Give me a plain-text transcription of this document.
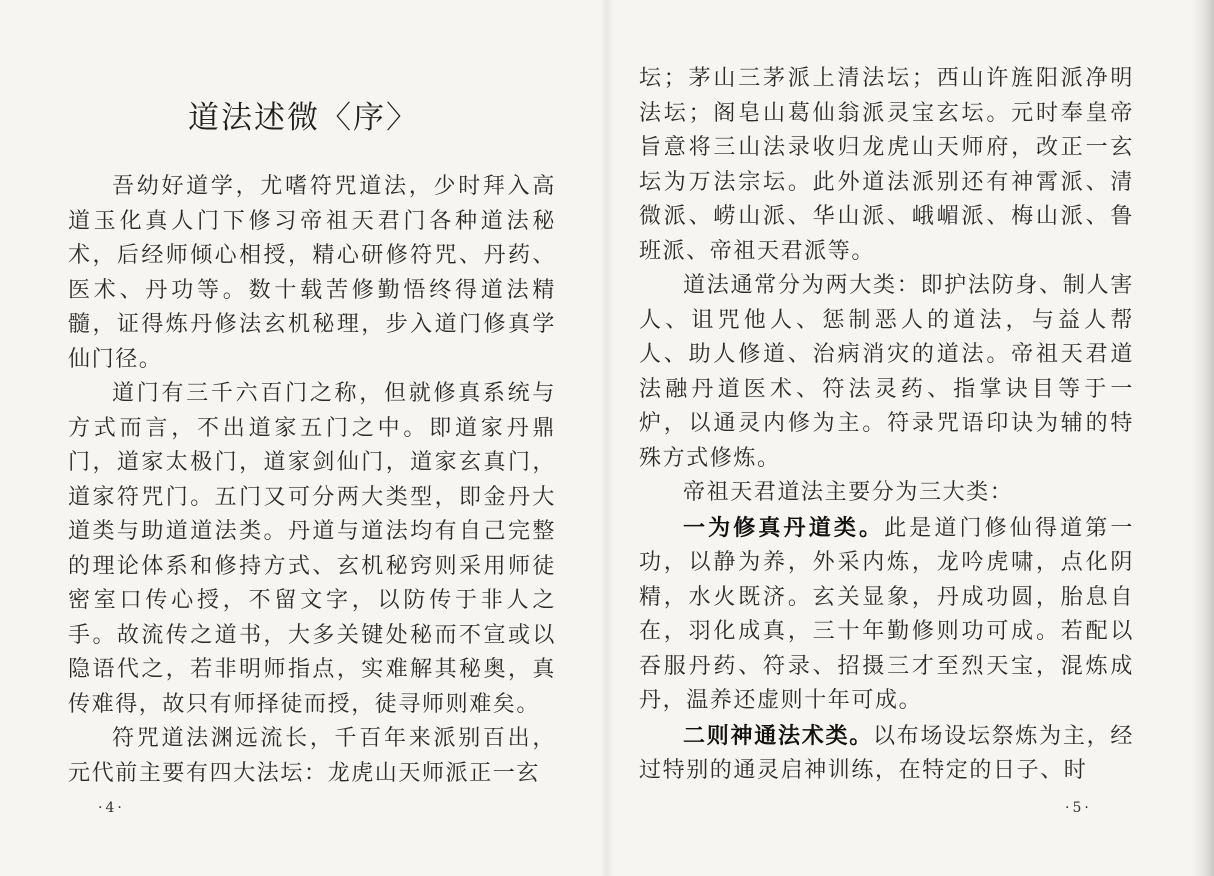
道法述微〈序〉

吾幼好道学，尤嗜符咒道法，少时拜入高道玉化真人门下修习帝祖天君门各种道法秘术，后经师倾心相授，精心研修符咒、丹药、医术、丹功等。数十载苦修勤悟终得道法精髓，证得炼丹修法玄机秘理，步入道门修真学仙门径。

道门有三千六百门之称，但就修真系统与方式而言，不出道家五门之中。即道家丹鼎门，道家太极门，道家剑仙门，道家玄真门，道家符咒门。五门又可分两大类型，即金丹大道类与助道道法类。丹道与道法均有自己完整的理论体系和修持方式、玄机秘窍则采用师徒密室口传心授，不留文字，以防传于非人之手。故流传之道书，大多关键处秘而不宣或以隐语代之，若非明师指点，实难解其秘奥，真传难得，故只有师择徒而授，徒寻师则难矣。

符咒道法渊远流长，千百年来派别百出，元代前主要有四大法坛：龙虎山天师派正一玄

·4·

坛；茅山三茅派上清法坛；西山许旌阳派净明法坛；阁皂山葛仙翁派灵宝玄坛。元时奉皇帝旨意将三山法录收归龙虎山天师府，改正一玄坛为万法宗坛。此外道法派别还有神霄派、清微派、崂山派、华山派、峨嵋派、梅山派、鲁班派、帝祖天君派等。

道法通常分为两大类：即护法防身、制人害人、诅咒他人、惩制恶人的道法，与益人帮人、助人修道、治病消灾的道法。帝祖天君道法融丹道医术、符法灵药、指掌诀目等于一炉，以通灵内修为主。符录咒语印诀为辅的特殊方式修炼。

帝祖天君道法主要分为三大类：

一为修真丹道类。此是道门修仙得道第一功，以静为养，外采内炼，龙吟虎啸，点化阴精，水火既济。玄关显象，丹成功圆，胎息自在，羽化成真，三十年勤修则功可成。若配以吞服丹药、符录、招摄三才至烈天宝，混炼成丹，温养还虚则十年可成。

二则神通法术类。以布场设坛祭炼为主，经过特别的通灵启神训练，在特定的日子、时

·5·
